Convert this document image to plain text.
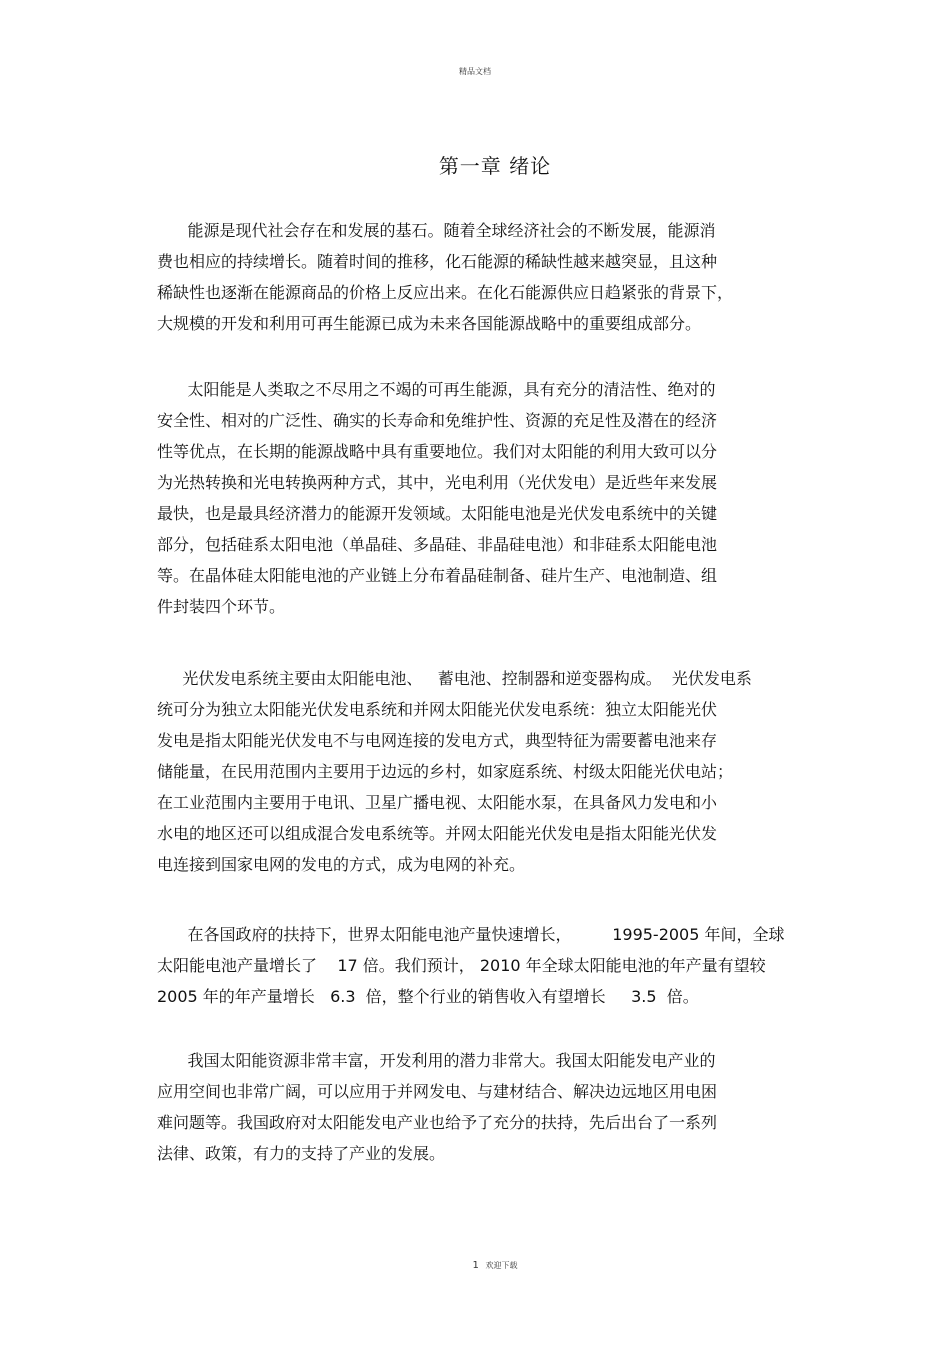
精品文档
第一章 绪论
能源是现代社会存在和发展的基石。随着全球经济社会的不断发展，能源消
费也相应的持续增长。随着时间的推移，化石能源的稀缺性越来越突显，且这种
稀缺性也逐渐在能源商品的价格上反应出来。在化石能源供应日趋紧张的背景下，
大规模的开发和利用可再生能源已成为未来各国能源战略中的重要组成部分。
太阳能是人类取之不尽用之不竭的可再生能源，具有充分的清洁性、绝对的
安全性、相对的广泛性、确实的长寿命和免维护性、资源的充足性及潜在的经济
性等优点，在长期的能源战略中具有重要地位。我们对太阳能的利用大致可以分
为光热转换和光电转换两种方式，其中，光电利用（光伏发电）是近些年来发展
最快，也是最具经济潜力的能源开发领域。太阳能电池是光伏发电系统中的关键
部分，包括硅系太阳电池（单晶硅、多晶硅、非晶硅电池）和非硅系太阳能电池
等。在晶体硅太阳能电池的产业链上分布着晶硅制备、硅片生产、电池制造、组
件封装四个环节。
光伏发电系统主要由太阳能电池、   蓄电池、控制器和逆变器构成。  光伏发电系
统可分为独立太阳能光伏发电系统和并网太阳能光伏发电系统：独立太阳能光伏
发电是指太阳能光伏发电不与电网连接的发电方式，典型特征为需要蓄电池来存
储能量，在民用范围内主要用于边远的乡村，如家庭系统、村级太阳能光伏电站；
在工业范围内主要用于电讯、卫星广播电视、太阳能水泵，在具备风力发电和小
水电的地区还可以组成混合发电系统等。并网太阳能光伏发电是指太阳能光伏发
电连接到国家电网的发电的方式，成为电网的补充。
在各国政府的扶持下，世界太阳能电池产量快速增长，        1995-2005 年间，全球
太阳能电池产量增长了    17 倍。我们预计， 2010 年全球太阳能电池的年产量有望较
2005 年的年产量增长   6.3  倍，整个行业的销售收入有望增长     3.5  倍。
我国太阳能资源非常丰富，开发利用的潜力非常大。我国太阳能发电产业的
应用空间也非常广阔，可以应用于并网发电、与建材结合、解决边远地区用电困
难问题等。我国政府对太阳能发电产业也给予了充分的扶持，先后出台了一系列
法律、政策，有力的支持了产业的发展。
1 欢迎下载
